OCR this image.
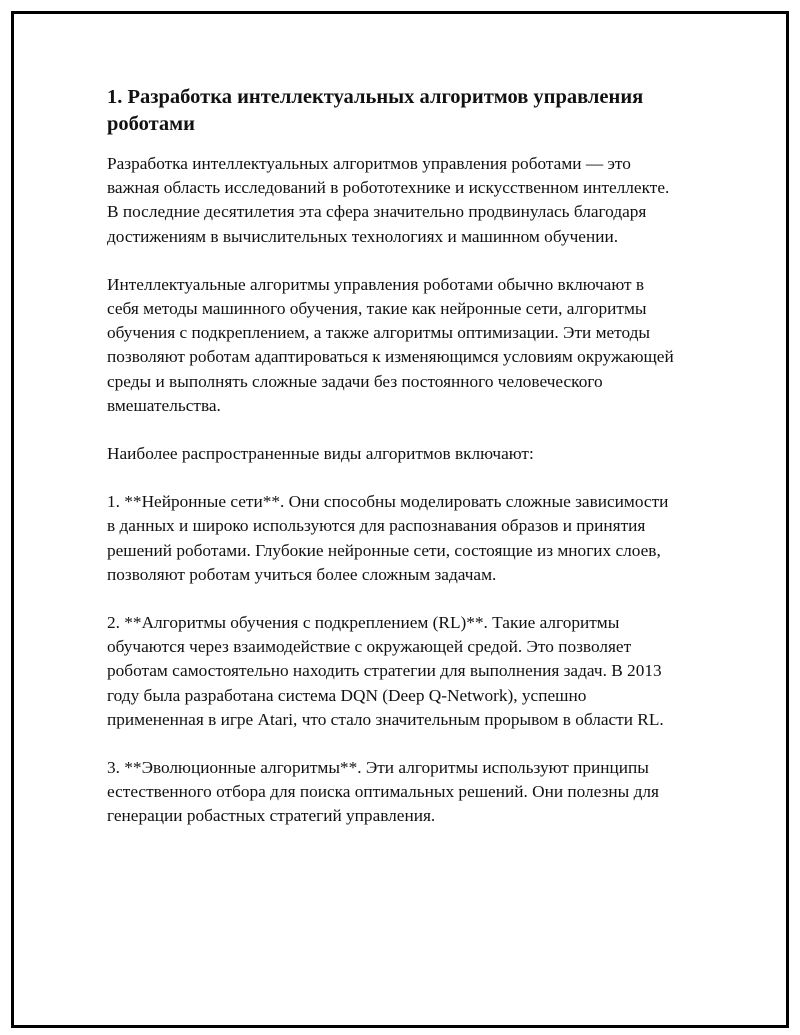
1. Разработка интеллектуальных алгоритмов управления роботами

Разработка интеллектуальных алгоритмов управления роботами — это важная область исследований в робототехнике и искусственном интеллекте. В последние десятилетия эта сфера значительно продвинулась благодаря достижениям в вычислительных технологиях и машинном обучении.

Интеллектуальные алгоритмы управления роботами обычно включают в себя методы машинного обучения, такие как нейронные сети, алгоритмы обучения с подкреплением, а также алгоритмы оптимизации. Эти методы позволяют роботам адаптироваться к изменяющимся условиям окружающей среды и выполнять сложные задачи без постоянного человеческого вмешательства.

Наиболее распространенные виды алгоритмов включают:

1. **Нейронные сети**. Они способны моделировать сложные зависимости в данных и широко используются для распознавания образов и принятия решений роботами. Глубокие нейронные сети, состоящие из многих слоев, позволяют роботам учиться более сложным задачам.

2. **Алгоритмы обучения с подкреплением (RL)**. Такие алгоритмы обучаются через взаимодействие с окружающей средой. Это позволяет роботам самостоятельно находить стратегии для выполнения задач. В 2013 году была разработана система DQN (Deep Q-Network), успешно примененная в игре Atari, что стало значительным прорывом в области RL.

3. **Эволюционные алгоритмы**. Эти алгоритмы используют принципы естественного отбора для поиска оптимальных решений. Они полезны для генерации робастных стратегий управления.
